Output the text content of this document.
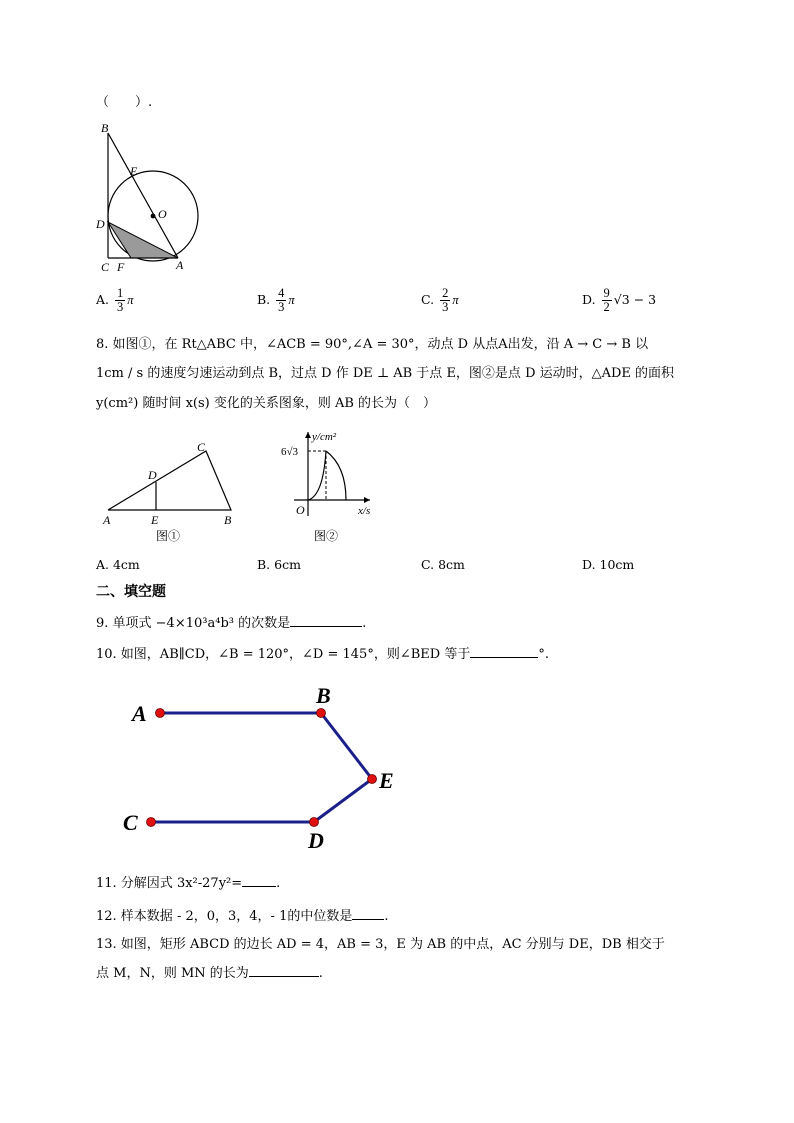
（　　）.
B
E
O
D
C F	A
A. $\frac{1}{3}$ π	B. $\frac{4}{3}$ π	C. $\frac{2}{3}$ π	D. $\frac{9}{2} √3 - 3$
8. 如图①，在 Rt△ABC 中，∠ACB = 90°,∠A = 30°，动点 D 从点A出发，沿 A → C → B 以
1cm / s 的速度匀速运动到点 B，过点 D 作 DE ⊥ AB 于点 E，图②是点 D 运动时，△ADE 的面积
y(cm²) 随时间 x(s) 变化的关系图象，则 AB 的长为（　）
C
D
A	E	B
图①
y/cm²
6√3
O	x/s
图②
A. 4cm	B. 6cm	C. 8cm	D. 10cm
二、填空题
9. 单项式 −4×10³a⁴b³ 的次数是	.
10. 如图，AB∥CD，∠B = 120°，∠D = 145°，则∠BED 等于	°.
A
B
E
C
D
11. 分解因式 3x²-27y²=	.
12. 样本数据 - 2，0，3，4，- 1的中位数是 .
13. 如图，矩形 ABCD 的边长 AD = 4，AB = 3，E 为 AB 的中点，AC 分别与 DE，DB 相交于
点 M，N，则 MN 的长为	.
